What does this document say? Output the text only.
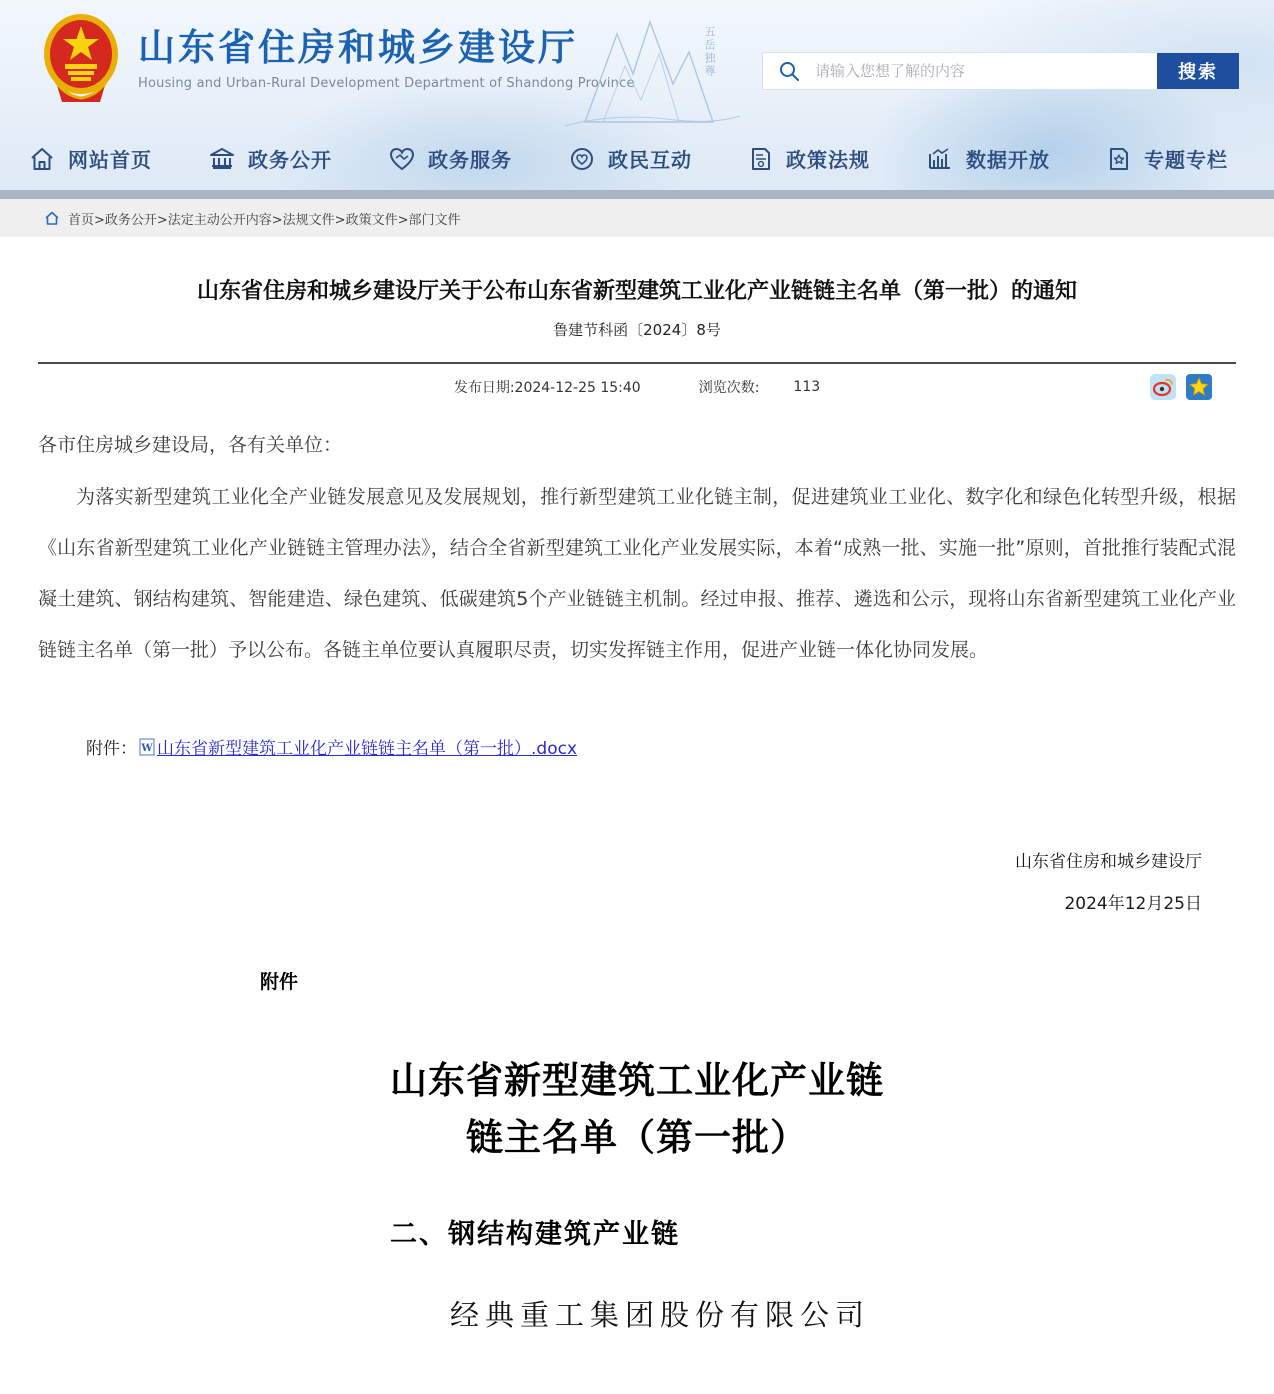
山东省住房和城乡建设厅
Housing and Urban-Rural Development Department of Shandong Province
五岳独尊
请输入您想了解的内容	搜索
网站首页	政务公开	政务服务	政民互动	政策法规	数据开放	专题专栏
首页>政务公开>法定主动公开内容>法规文件>政策文件>部门文件
山东省住房和城乡建设厅关于公布山东省新型建筑工业化产业链链主名单（第一批）的通知
鲁建节科函〔2024〕8号
发布日期:2024-12-25 15:40	浏览次数: 113

各市住房城乡建设局，各有关单位：

为落实新型建筑工业化全产业链发展意见及发展规划，推行新型建筑工业化链主制，促进建筑业工业化、数字化和绿色化转型升级，根据《山东省新型建筑工业化产业链链主管理办法》，结合全省新型建筑工业化产业发展实际，本着“成熟一批、实施一批”原则，首批推行装配式混凝土建筑、钢结构建筑、智能建造、绿色建筑、低碳建筑5个产业链链主机制。经过申报、推荐、遴选和公示，现将山东省新型建筑工业化产业链链主名单（第一批）予以公布。各链主单位要认真履职尽责，切实发挥链主作用，促进产业链一体化协同发展。

附件： W 山东省新型建筑工业化产业链链主名单（第一批）.docx
山东省住房和城乡建设厅
2024年12月25日
附件
山东省新型建筑工业化产业链
链主名单（第一批）
二、钢结构建筑产业链
经典重工集团股份有限公司
